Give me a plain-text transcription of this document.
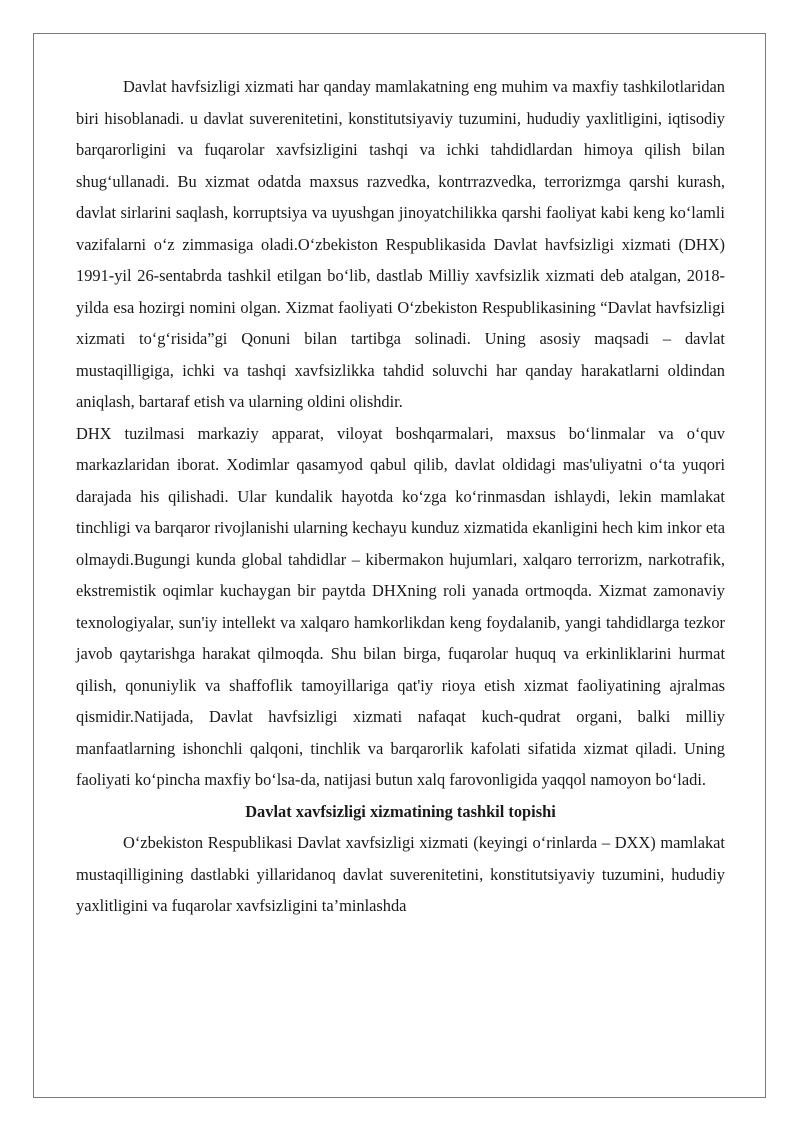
Davlat havfsizligi xizmati har qanday mamlakatning eng muhim va maxfiy tashkilotlaridan biri hisoblanadi. u davlat suverenitetini, konstitutsiyaviy tuzumini, hududiy yaxlitligini, iqtisodiy barqarorligini va fuqarolar xavfsizligini tashqi va ichki tahdidlardan himoya qilish bilan shugʻullanadi. Bu xizmat odatda maxsus razvedka, kontrrazvedka, terrorizmga qarshi kurash, davlat sirlarini saqlash, korruptsiya va uyushgan jinoyatchilikka qarshi faoliyat kabi keng koʻlamli vazifalarni oʻz zimmasiga oladi.Oʻzbekiston Respublikasida Davlat havfsizligi xizmati (DHX) 1991-yil 26-sentabrda tashkil etilgan boʻlib, dastlab Milliy xavfsizlik xizmati deb atalgan, 2018-yilda esa hozirgi nomini olgan. Xizmat faoliyati Oʻzbekiston Respublikasining “Davlat havfsizligi xizmati toʻgʻrisida”gi Qonuni bilan tartibga solinadi. Uning asosiy maqsadi – davlat mustaqilligiga, ichki va tashqi xavfsizlikka tahdid soluvchi har qanday harakatlarni oldindan aniqlash, bartaraf etish va ularning oldini olishdir.

DHX tuzilmasi markaziy apparat, viloyat boshqarmalari, maxsus boʻlinmalar va oʻquv markazlaridan iborat. Xodimlar qasamyod qabul qilib, davlat oldidagi mas'uliyatni oʻta yuqori darajada his qilishadi. Ular kundalik hayotda koʻzga koʻrinmasdan ishlaydi, lekin mamlakat tinchligi va barqaror rivojlanishi ularning kechayu kunduz xizmatida ekanligini hech kim inkor eta olmaydi.Bugungi kunda global tahdidlar – kibermakon hujumlari, xalqaro terrorizm, narkotrafik, ekstremistik oqimlar kuchaygan bir paytda DHXning roli yanada ortmoqda. Xizmat zamonaviy texnologiyalar, sun'iy intellekt va xalqaro hamkorlikdan keng foydalanib, yangi tahdidlarga tezkor javob qaytarishga harakat qilmoqda. Shu bilan birga, fuqarolar huquq va erkinliklarini hurmat qilish, qonuniylik va shaffoflik tamoyillariga qat'iy rioya etish xizmat faoliyatining ajralmas qismidir.Natijada, Davlat havfsizligi xizmati nafaqat kuch-qudrat organi, balki milliy manfaatlarning ishonchli qalqoni, tinchlik va barqarorlik kafolati sifatida xizmat qiladi. Uning faoliyati koʻpincha maxfiy boʻlsa-da, natijasi butun xalq farovonligida yaqqol namoyon boʻladi.

Davlat xavfsizligi xizmatining tashkil topishi

Oʻzbekiston Respublikasi Davlat xavfsizligi xizmati (keyingi oʻrinlarda – DXX) mamlakat mustaqilligining dastlabki yillaridanoq davlat suverenitetini, konstitutsiyaviy tuzumini, hududiy yaxlitligini va fuqarolar xavfsizligini ta’minlashda
